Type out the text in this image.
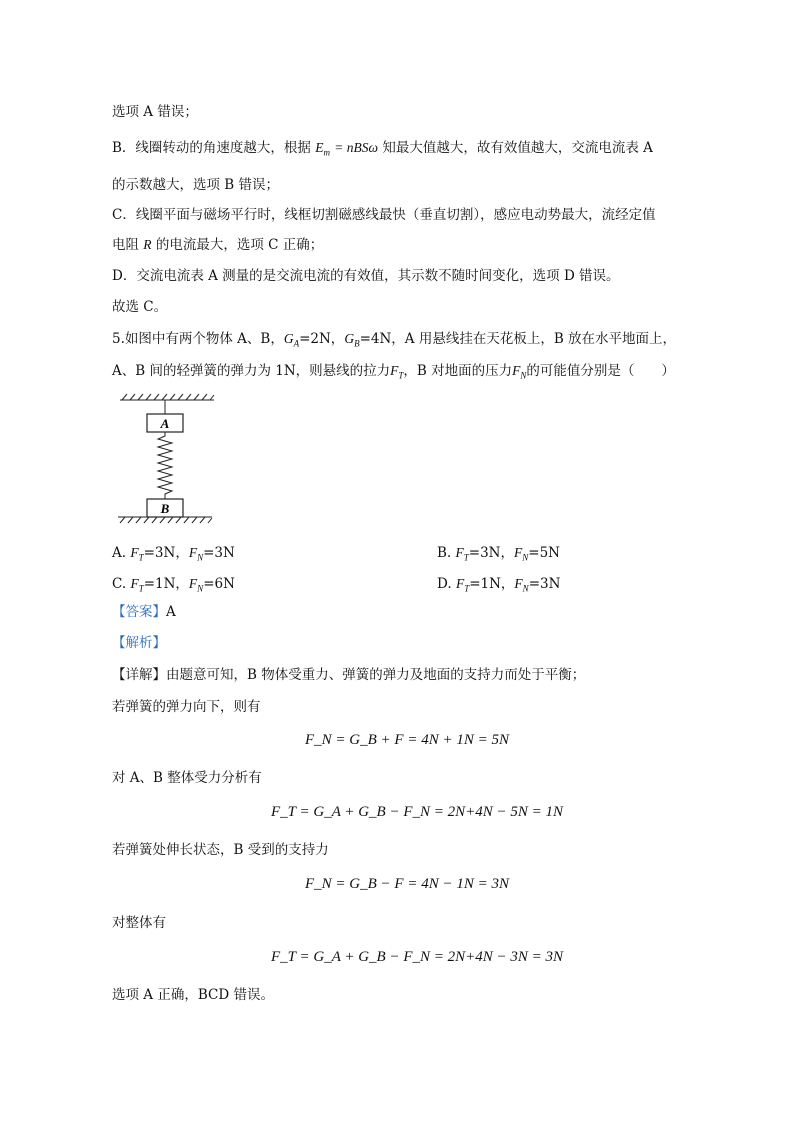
选项 A 错误；
B．线圈转动的角速度越大，根据 $E_m = nBS\omega$ 知最大值越大，故有效值越大，交流电流表 A
的示数越大，选项 B 错误；
C．线圈平面与磁场平行时，线框切割磁感线最快（垂直切割），感应电动势最大，流经定值
电阻 R 的电流最大，选项 C 正确；
D．交流电流表 A 测量的是交流电流的有效值，其示数不随时间变化，选项 D 错误。
故选 C。
5.如图中有两个物体 A、B，$G_A=2N$，$G_B=4N$，A 用悬线挂在天花板上，B 放在水平地面上，
A、B 间的轻弹簧的弹力为 1N，则悬线的拉力$F_T$，B 对地面的压力$F_N$的可能值分别是（　　）
A
B
A. $F_T=3N$，$F_N=3N$	B. $F_T=3N$，$F_N=5N$
C. $F_T=1N$，$F_N=6N$	D. $F_T=1N$，$F_N=3N$
【答案】A
【解析】
【详解】由题意可知，B 物体受重力、弹簧的弹力及地面的支持力而处于平衡；
若弹簧的弹力向下，则有
F_N = G_B + F = 4N + 1N = 5N
对 A、B 整体受力分析有
F_T = G_A + G_B − F_N = 2N+4N − 5N = 1N
若弹簧处伸长状态，B 受到的支持力
F_N = G_B − F = 4N − 1N = 3N
对整体有
F_T = G_A + G_B − F_N = 2N+4N − 3N = 3N
选项 A 正确，BCD 错误。
